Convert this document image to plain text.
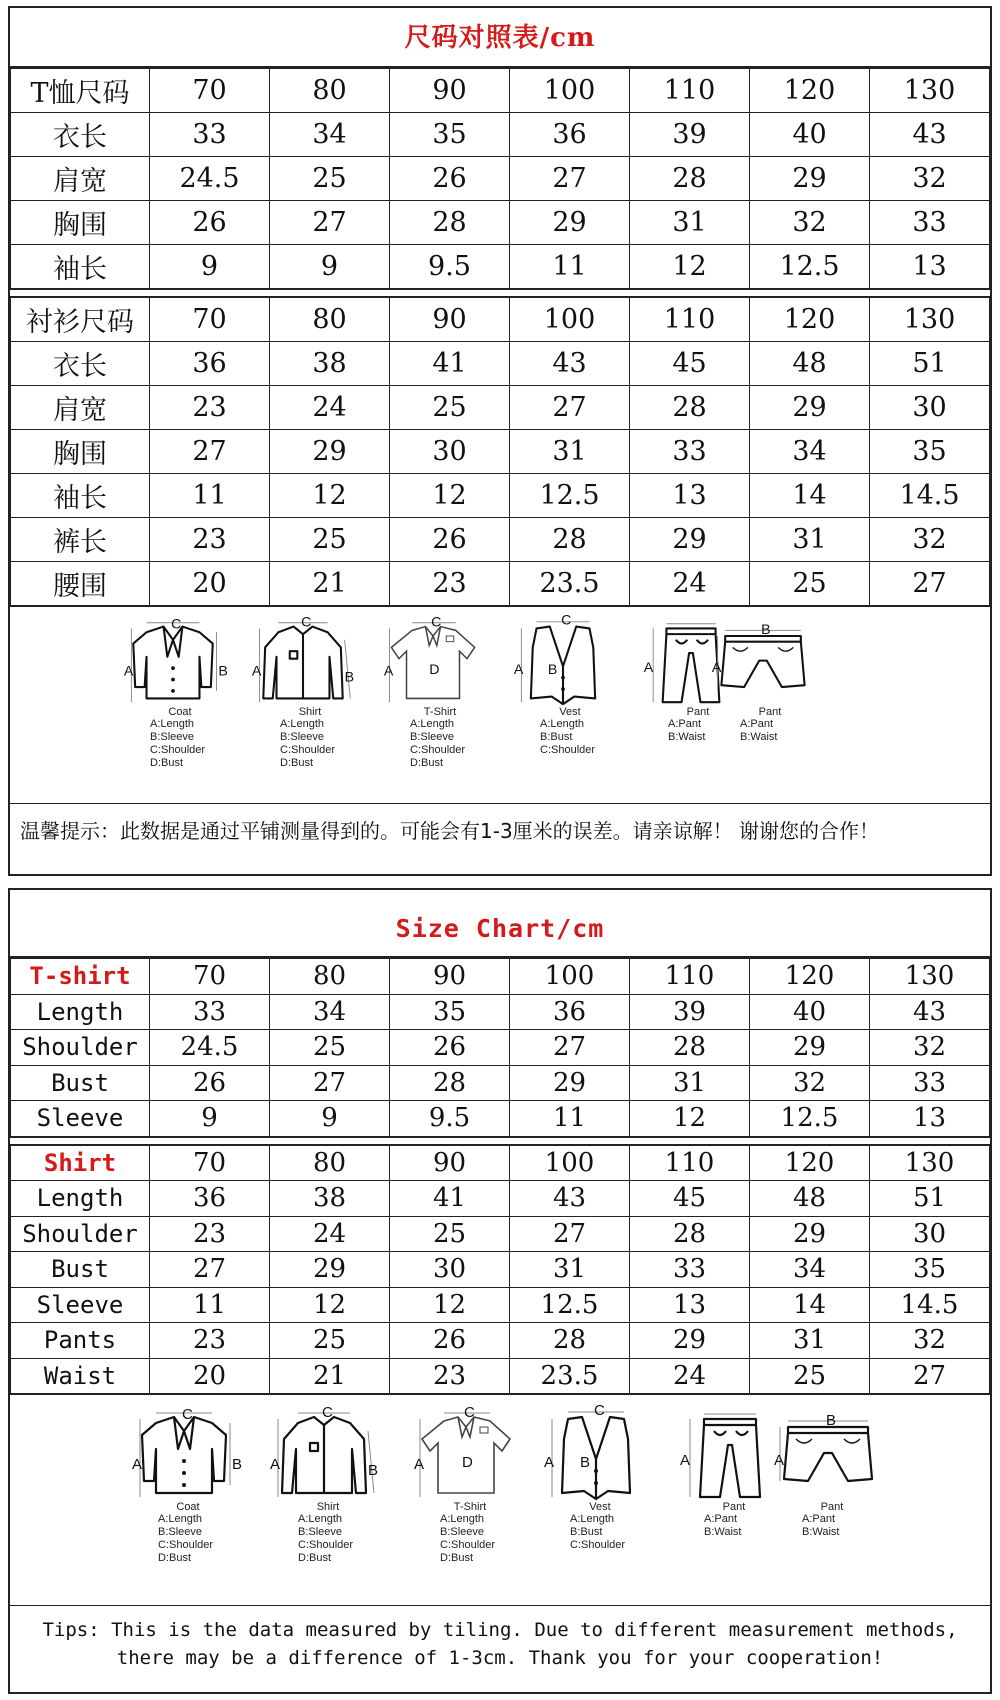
尺码对照表/cm
T恤尺码	70	80	90	100	110	120	130
衣长	33	34	35	36	39	40	43
肩宽	24.5	25	26	27	28	29	32
胸围	26	27	28	29	31	32	33
袖长	9	9	9.5	11	12	12.5	13
衬衫尺码	70	80	90	100	110	120	130
衣长	36	38	41	43	45	48	51
肩宽	23	24	25	27	28	29	30
胸围	27	29	30	31	33	34	35
袖长	11	12	12	12.5	13	14	14.5
裤长	23	25	26	28	29	31	32
腰围	20	21	23	23.5	24	25	27
A	B
C
Coat
A:Length
B:Sleeve
C:Shoulder
D:Bust
A	B
C
Shirt
A:Length
B:Sleeve
C:Shoulder
D:Bust
A D
C
T-Shirt
A:Length
B:Sleeve
C:Shoulder
D:Bust
A B
C
Vest
A:Length
B:Bust
C:Shoulder
A
Pant
A:Pant
B:Waist
A
B
Pant
A:Pant
B:Waist
温馨提示：此数据是通过平铺测量得到的。可能会有1-3厘米的误差。请亲谅解！ 谢谢您的合作！
Size Chart/cm
T-shirt	70	80	90	100	110	120	130
Length	33	34	35	36	39	40	43
Shoulder	24.5	25	26	27	28	29	32
Bust	26	27	28	29	31	32	33
Sleeve	9	9	9.5	11	12	12.5	13
Shirt	70	80	90	100	110	120	130
Length	36	38	41	43	45	48	51
Shoulder	23	24	25	27	28	29	30
Bust	27	29	30	31	33	34	35
Sleeve	11	12	12	12.5	13	14	14.5
Pants	23	25	26	28	29	31	32
Waist	20	21	23	23.5	24	25	27
A	B
C
Coat
A:Length
B:Sleeve
C:Shoulder
D:Bust
A	B
C
Shirt
A:Length
B:Sleeve
C:Shoulder
D:Bust
A	D
C
T-Shirt
A:Length
B:Sleeve
C:Shoulder
D:Bust
A B
C
Vest
A:Length
B:Bust
C:Shoulder
A
Pant
A:Pant
B:Waist
A
B
Pant
A:Pant
B:Waist
Tips: This is the data measured by tiling. Due to different measurement methods, there may be a difference of 1-3cm. Thank you for your cooperation!
